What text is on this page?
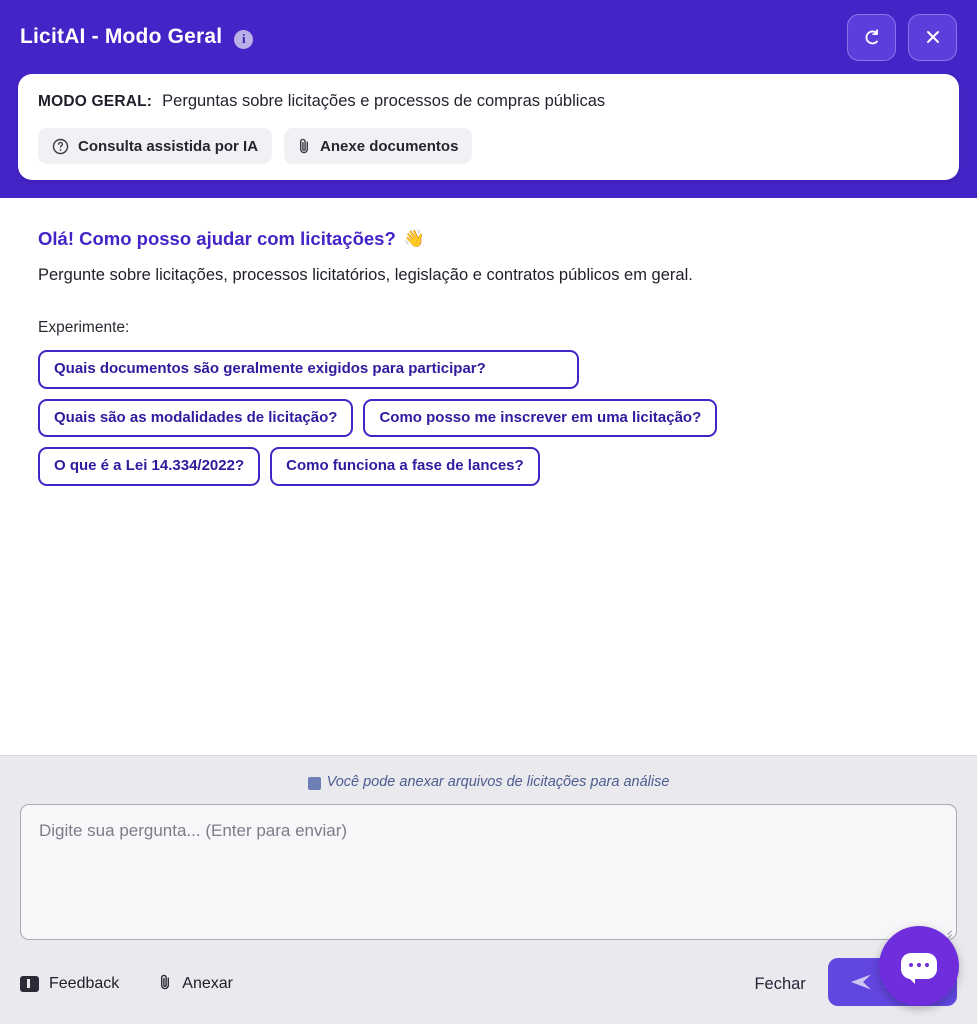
LicitAI - Modo Geral	i
MODO GERAL: Perguntas sobre licitações e processos de compras públicas
Consulta assistida por IA	Anexe documentos
Olá! Como posso ajudar com licitações? 👋

Pergunte sobre licitações, processos licitatórios, legislação e contratos públicos em geral.

Experimente:
Quais documentos são geralmente exigidos para participar?
Quais são as modalidades de licitação?	Como posso me inscrever em uma licitação?
O que é a Lei 14.334/2022?	Como funciona a fase de lances?
Você pode anexar arquivos de licitações para análise
Digite sua pergunta... (Enter para enviar)
Feedback	Anexar	Fechar
